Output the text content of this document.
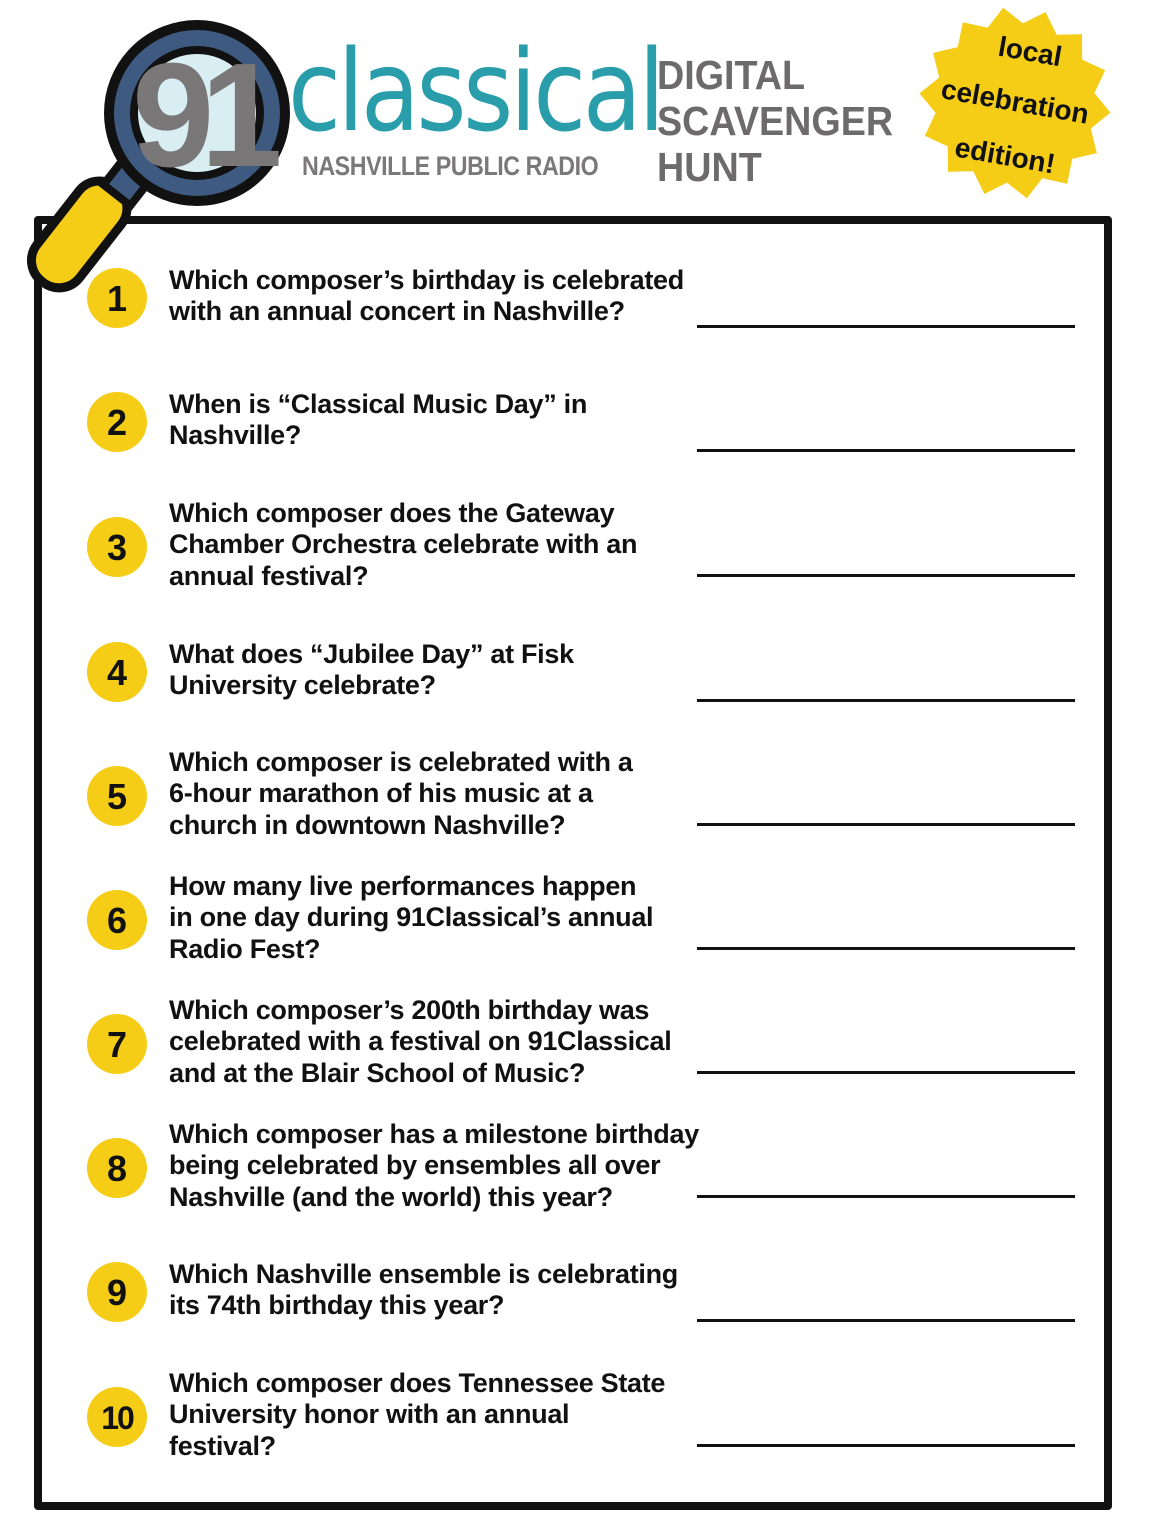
classical
NASHVILLE PUBLIC RADIO
91	DIGITAL
SCAVENGER
HUNT
local
celebration
edition!
1	Which composer’s birthday is celebrated
with an annual concert in Nashville?
2	When is “Classical Music Day” in
Nashville?
3
Which composer does the Gateway
Chamber Orchestra celebrate with an
annual festival?
4	What does “Jubilee Day” at Fisk
University celebrate?
5
Which composer is celebrated with a
6-hour marathon of his music at a
church in downtown Nashville?
6
How many live performances happen
in one day during 91Classical’s annual
Radio Fest?
7
Which composer’s 200th birthday was
celebrated with a festival on 91Classical
and at the Blair School of Music?
8
Which composer has a milestone birthday
being celebrated by ensembles all over
Nashville (and the world) this year?
9	Which Nashville ensemble is celebrating
its 74th birthday this year?
10
Which composer does Tennessee State
University honor with an annual
festival?
